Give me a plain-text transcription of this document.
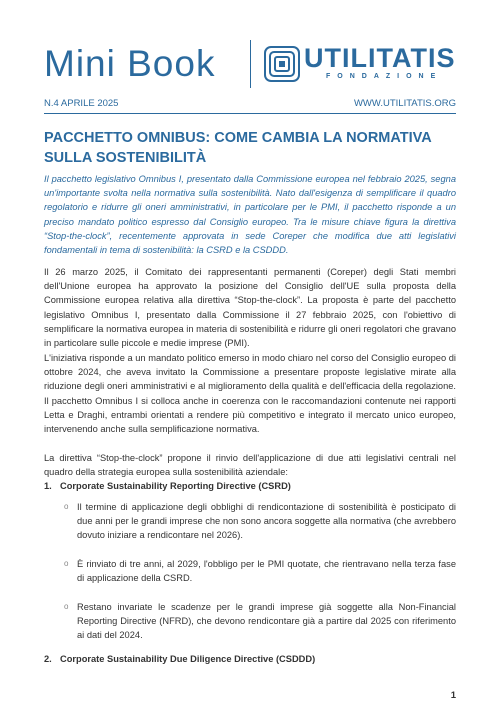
Mini Book	UTILITATIS
FONDAZIONE
N.4 APRILE 2025	WWW.UTILITATIS.ORG
PACCHETTO OMNIBUS: COME CAMBIA LA NORMATIVA SULLA SOSTENIBILITÀ

Il pacchetto legislativo Omnibus I, presentato dalla Commissione europea nel febbraio 2025, segna un'importante svolta nella normativa sulla sostenibilità. Nato dall'esigenza di semplificare il quadro regolatorio e ridurre gli oneri amministrativi, in particolare per le PMI, il pacchetto risponde a un preciso mandato politico espresso dal Consiglio europeo. Tra le misure chiave figura la direttiva “Stop-the-clock”, recentemente approvata in sede Coreper che modifica due atti legislativi fondamentali in tema di sostenibilità: la CSRD e la CSDDD.

Il 26 marzo 2025, il Comitato dei rappresentanti permanenti (Coreper) degli Stati membri dell'Unione europea ha approvato la posizione del Consiglio dell'UE sulla proposta della Commissione europea relativa alla direttiva “Stop-the-clock”. La proposta è parte del pacchetto legislativo Omnibus I, presentato dalla Commissione il 27 febbraio 2025, con l'obiettivo di semplificare la normativa europea in materia di sostenibilità e ridurre gli oneri regolatori che gravano in particolare sulle piccole e medie imprese (PMI).

L'iniziativa risponde a un mandato politico emerso in modo chiaro nel corso del Consiglio europeo di ottobre 2024, che aveva invitato la Commissione a presentare proposte legislative mirate alla riduzione degli oneri amministrativi e al miglioramento della qualità e dell'efficacia della regolazione. Il pacchetto Omnibus I si colloca anche in coerenza con le raccomandazioni contenute nei rapporti Letta e Draghi, entrambi orientati a rendere più competitivo e integrato il mercato unico europeo, intervenendo anche sulla semplificazione normativa.

La direttiva “Stop-the-clock” propone il rinvio dell'applicazione di due atti legislativi centrali nel quadro della strategia europea sulla sostenibilità aziendale:

1. Corporate Sustainability Reporting Directive (CSRD)
o Il termine di applicazione degli obblighi di rendicontazione di sostenibilità è posticipato di due anni per le grandi imprese che non sono ancora soggette alla normativa (che avrebbero dovuto iniziare a rendicontare nel 2026).
o È rinviato di tre anni, al 2029, l'obbligo per le PMI quotate, che rientravano nella terza fase di applicazione della CSRD.
o Restano invariate le scadenze per le grandi imprese già soggette alla Non-Financial Reporting Directive (NFRD), che devono rendicontare già a partire dal 2025 con riferimento ai dati del 2024.
2. Corporate Sustainability Due Diligence Directive (CSDDD)
1
